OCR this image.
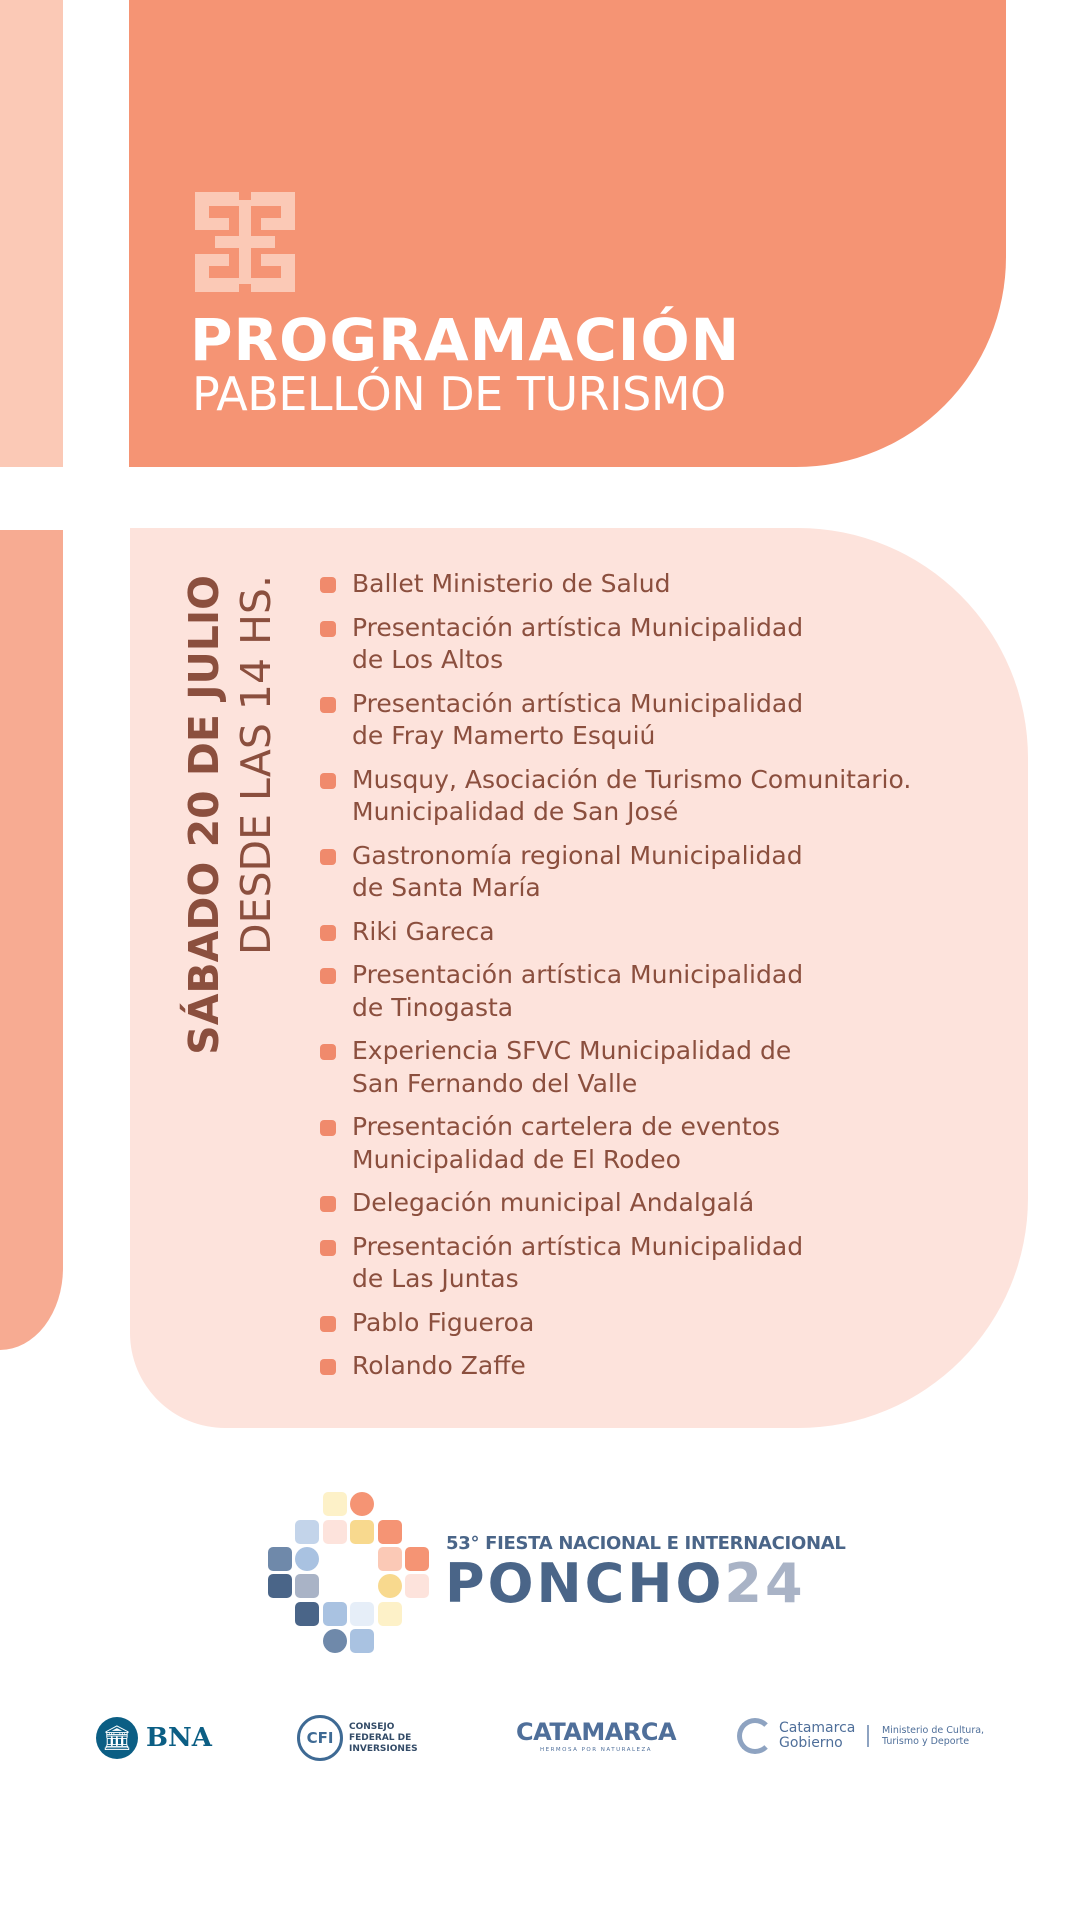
PROGRAMACIÓN
PABELLÓN DE TURISMO
SÁBADO 20 DE JULIO DESDE LAS 14 HS.	Ballet Ministerio de Salud
Presentación artística Municipalidad
de Los Altos
Presentación artística Municipalidad
de Fray Mamerto Esquiú
Musquy, Asociación de Turismo Comunitario.
Municipalidad de San José
Gastronomía regional Municipalidad
de Santa María
Riki Gareca
Presentación artística Municipalidad
de Tinogasta
Experiencia SFVC Municipalidad de
San Fernando del Valle
Presentación cartelera de eventos
Municipalidad de El Rodeo
Delegación municipal Andalgalá
Presentación artística Municipalidad
de Las Juntas
Pablo Figueroa
Rolando Zaffe
53° FIESTA NACIONAL E INTERNACIONAL
PONCHO24
🏛 BNA	CFI
CONSEJO FEDERAL DE INVERSIONES
CATAMARCA
HERMOSA POR NATURALEZA
Catamarca Gobierno
Ministerio de Cultura, Turismo y Deporte
